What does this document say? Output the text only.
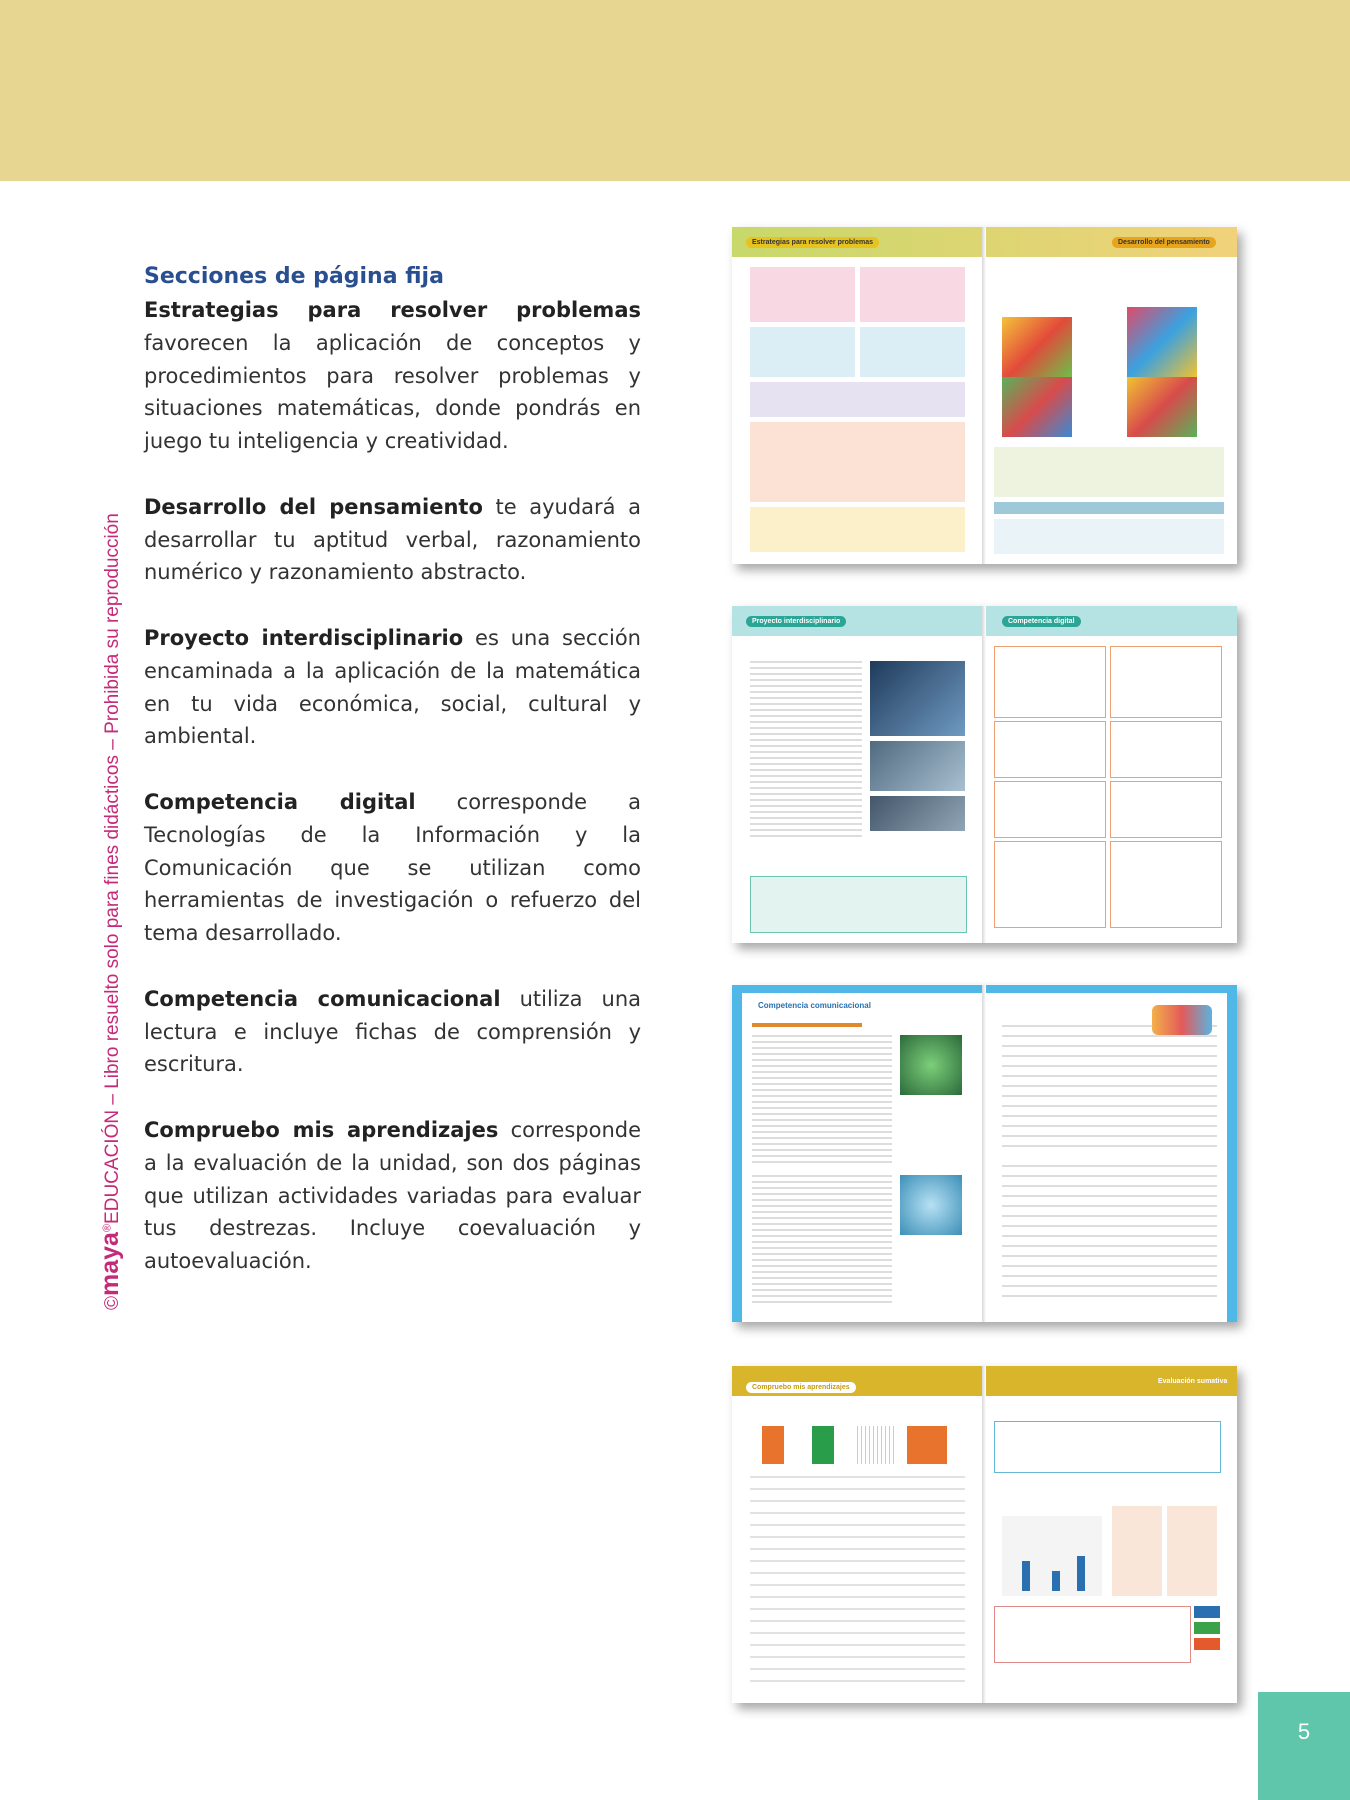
©maya®EDUCACIÓN – Libro resuelto solo para fines didácticos – Prohibida su reproducción
Secciones de página fija

Estrategias para resolver problemas favorecen la aplicación de conceptos y procedimientos para resolver problemas y situaciones matemáticas, donde pondrás en juego tu inteligencia y creatividad.

Desarrollo del pensamiento te ayudará a desarrollar tu aptitud verbal, razonamiento numérico y razonamiento abstracto.

Proyecto interdisciplinario es una sección encaminada a la aplicación de la matemática en tu vida económica, social, cultural y ambiental.

Competencia digital corresponde a Tecnologías de la Información y la Comunicación que se utilizan como herramientas de investigación o refuerzo del tema desarrollado.

Competencia comunicacional utiliza una lectura e incluye fichas de comprensión y escritura.

Compruebo mis aprendizajes corresponde a la evaluación de la unidad, son dos páginas que utilizan actividades variadas para evaluar tus destrezas. Incluye coevaluación y autoevaluación.

Estrategias para resolver problemas	Desarrollo del pensamiento
Proyecto interdisciplinario	Competencia digital
Competencia comunicacional
Compruebo mis aprendizajes
Evaluación sumativa
5
